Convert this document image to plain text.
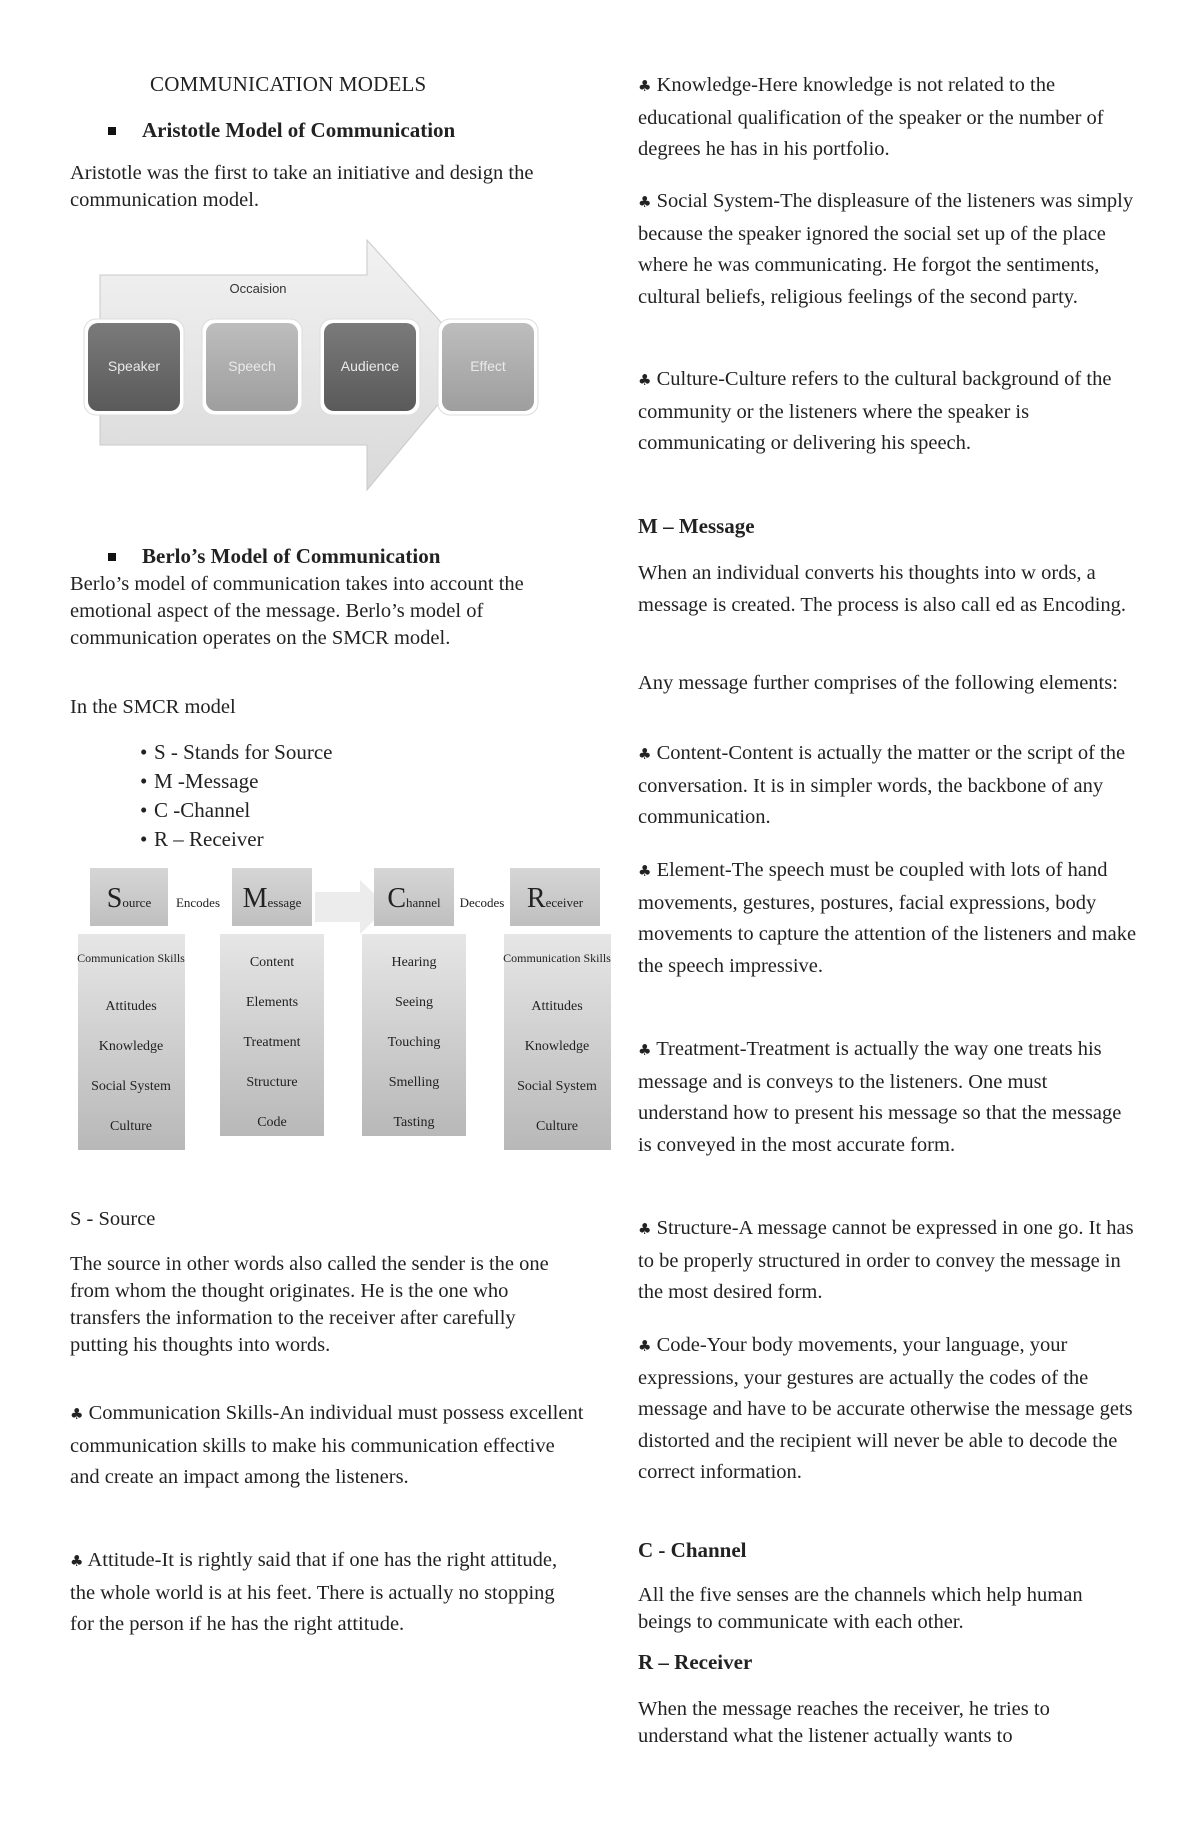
COMMUNICATION MODELS
Aristotle Model of Communication

Aristotle was the first to take an initiative and design the communication model.

Occaision
Speaker	Speech	Audience	Effect
Berlo’s Model of Communication

Berlo’s model of communication takes into account the emotional aspect of the message. Berlo’s model of communication operates on the SMCR model.

In the SMCR model

• S - Stands for Source
• M -Message
• C -Channel
• R – Receiver
Source
Communication Skills
Attitudes
Knowledge
Social System
Culture
Encodes Message
Content
Elements
Treatment
Structure
Code
Channel
Hearing
Seeing
Touching
Smelling
Tasting
Decodes Receiver
Communication Skills
Attitudes
Knowledge
Social System
Culture

S - Source

The source in other words also called the sender is the one from whom the thought originates. He is the one who transfers the information to the receiver after carefully putting his thoughts into words.

♣ Communication Skills-An individual must possess excellent communication skills to make his communication effective and create an impact among the listeners.

♣ Attitude-It is rightly said that if one has the right attitude, the whole world is at his feet. There is actually no stopping for the person if he has the right attitude.

♣ Knowledge-Here knowledge is not related to the educational qualification of the speaker or the number of degrees he has in his portfolio.

♣ Social System-The displeasure of the listeners was simply because the speaker ignored the social set up of the place where he was communicating. He forgot the sentiments, cultural beliefs, religious feelings of the second party.

♣ Culture-Culture refers to the cultural background of the community or the listeners where the speaker is communicating or delivering his speech.

M – Message

When an individual converts his thoughts into w ords, a message is created. The process is also call ed as Encoding.

Any message further comprises of the following elements:

♣ Content-Content is actually the matter or the script of the conversation. It is in simpler words, the backbone of any communication.

♣ Element-The speech must be coupled with lots of hand movements, gestures, postures, facial expressions, body movements to capture the attention of the listeners and make the speech impressive.

♣ Treatment-Treatment is actually the way one treats his message and is conveys to the listeners. One must understand how to present his message so that the message is conveyed in the most accurate form.

♣ Structure-A message cannot be expressed in one go. It has to be properly structured in order to convey the message in the most desired form.

♣ Code-Your body movements, your language, your expressions, your gestures are actually the codes of the message and have to be accurate otherwise the message gets distorted and the recipient will never be able to decode the correct information.

C - Channel

All the five senses are the channels which help human beings to communicate with each other.

R – Receiver

When the message reaches the receiver, he tries to understand what the listener actually wants to
